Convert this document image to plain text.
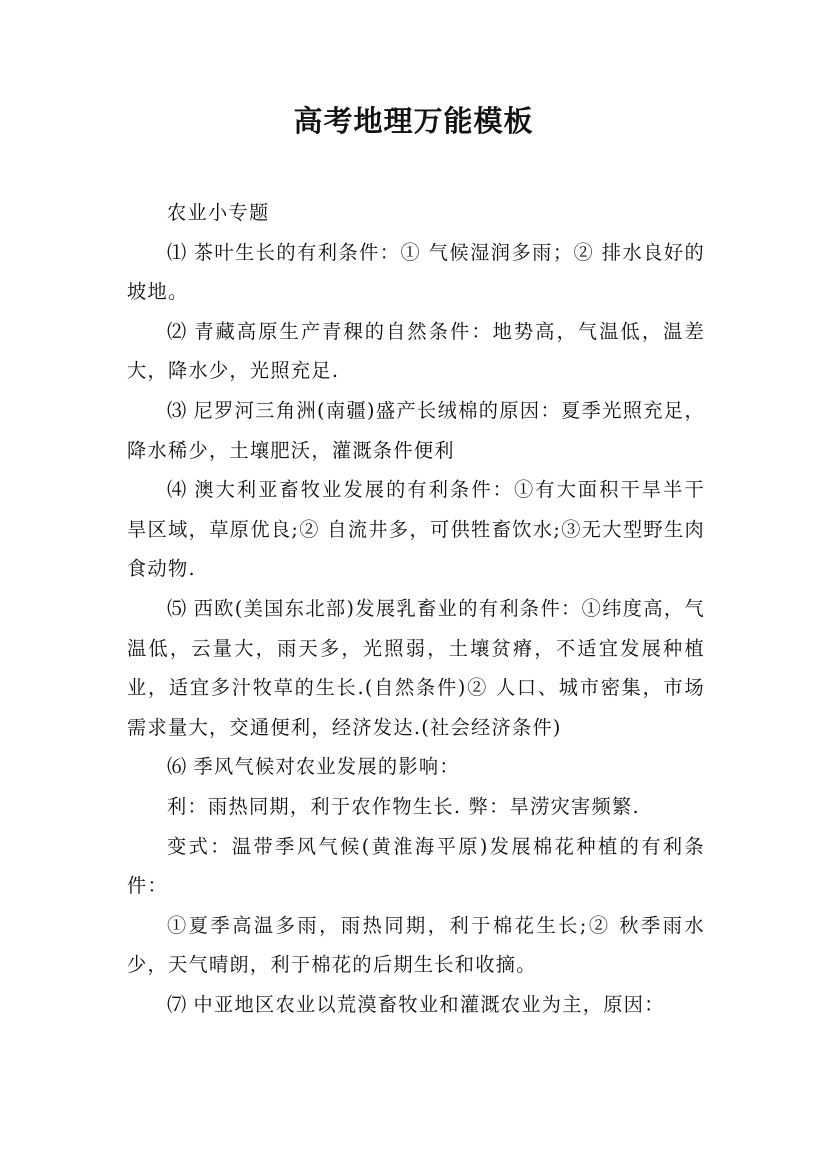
高考地理万能模板

农业小专题

⑴ 茶叶生长的有利条件：① 气候湿润多雨；② 排水良好的坡地。

⑵ 青藏高原生产青稞的自然条件：地势高，气温低，温差大，降水少，光照充足.

⑶ 尼罗河三角洲(南疆)盛产长绒棉的原因：夏季光照充足，降水稀少，土壤肥沃，灌溉条件便利

⑷ 澳大利亚畜牧业发展的有利条件：①有大面积干旱半干旱区域，草原优良;② 自流井多，可供牲畜饮水;③无大型野生肉食动物.

⑸ 西欧(美国东北部)发展乳畜业的有利条件：①纬度高，气温低，云量大，雨天多，光照弱，土壤贫瘠，不适宜发展种植业，适宜多汁牧草的生长.(自然条件)② 人口、城市密集，市场需求量大，交通便利，经济发达.(社会经济条件)

⑹ 季风气候对农业发展的影响：

利：雨热同期，利于农作物生长. 弊：旱涝灾害频繁.

变式：温带季风气候(黄淮海平原)发展棉花种植的有利条件：

①夏季高温多雨，雨热同期，利于棉花生长;② 秋季雨水少，天气晴朗，利于棉花的后期生长和收摘。

⑺ 中亚地区农业以荒漠畜牧业和灌溉农业为主，原因：
